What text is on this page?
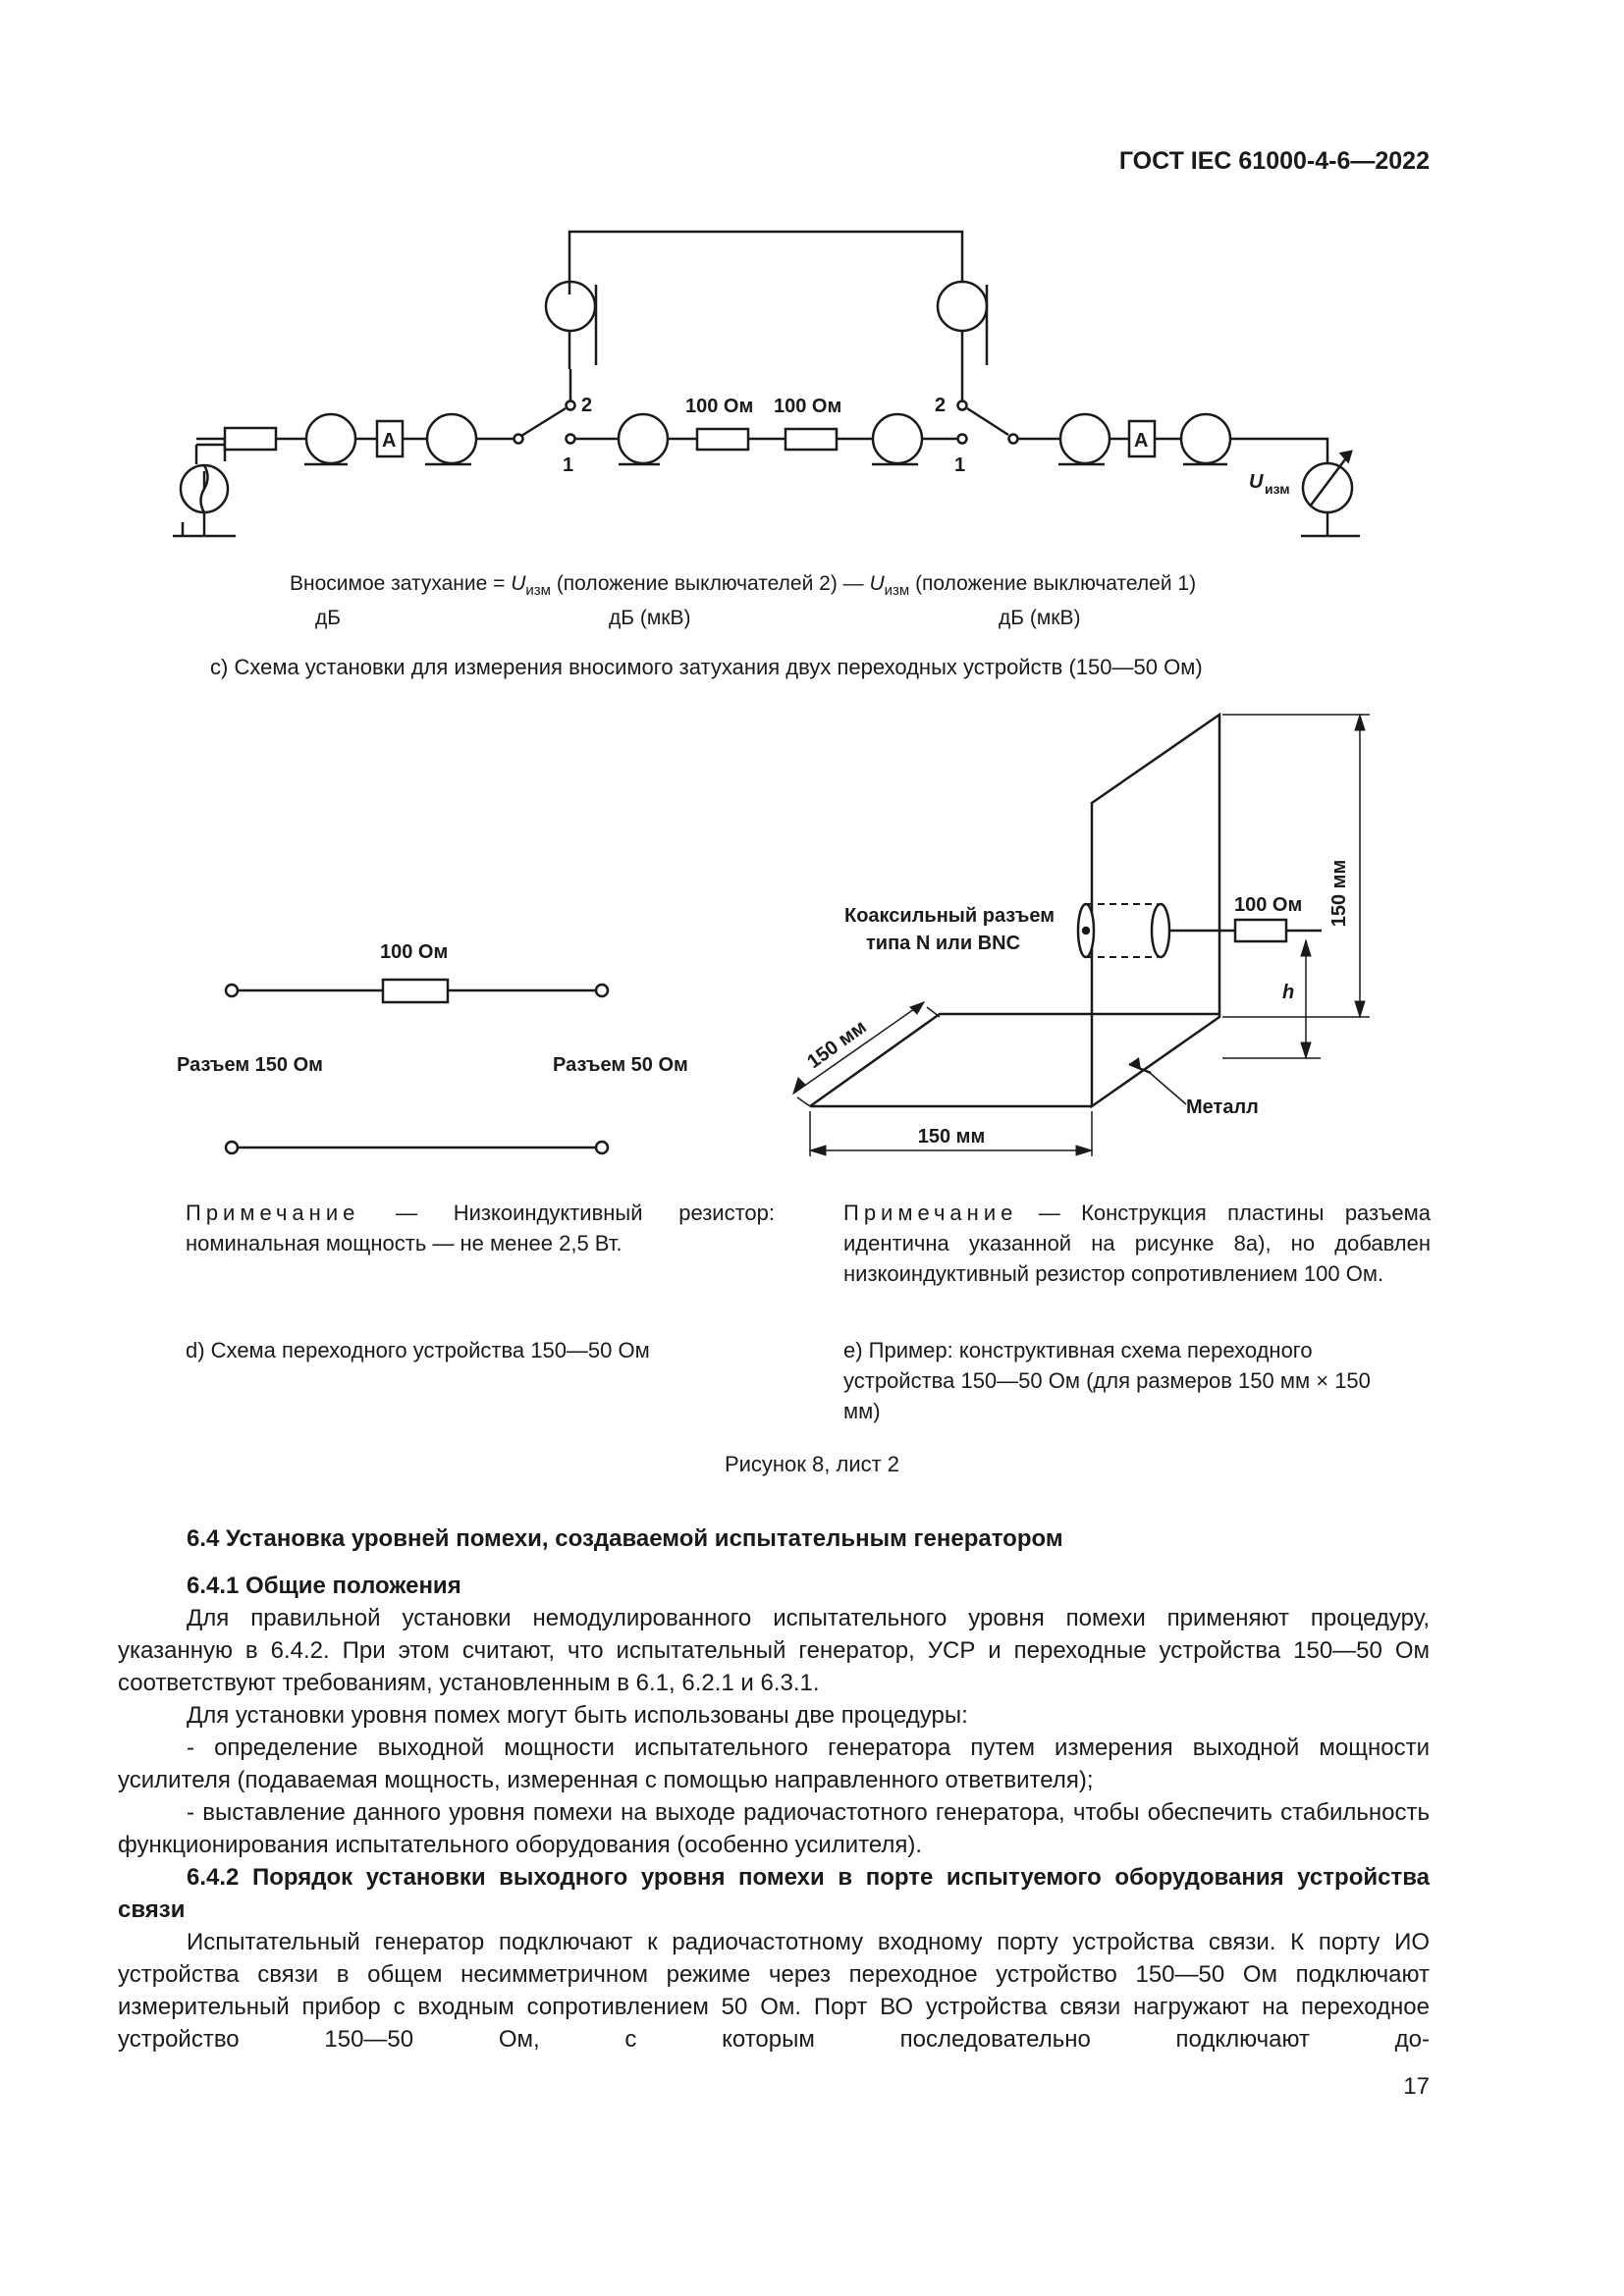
ГОСТ IEC 61000-4-6—2022
A	A
2
1
2
1
100 Ом 100 Ом
U изм
Вносимое затухание = $U_{изм}$ (положение выключателей 2) — $U_{изм}$ (положение выключателей 1)
дБ	дБ (мкВ)	дБ (мкВ)
с) Схема установки для измерения вносимого затухания двух переходных устройств (150—50 Ом)
100 Ом
Разъем 150 Ом	Разъем 50 Ом
Коаксильный разъем
типа N или BNC
100 Ом 150 мм
h
150 мм
150 мм
Металл
Примечание — Низкоиндуктивный резистор: номинальная мощность — не менее 2,5 Вт.
Примечание — Конструкция пластины разъема идентична указанной на рисунке 8a), но добавлен низкоиндуктивный резистор сопротивлением 100 Ом.
d) Схема переходного устройства 150—50 Ом	е) Пример: конструктивная схема переходного устройства 150—50 Ом (для размеров 150 мм × 150 мм)
Рисунок 8, лист 2

6.4 Установка уровней помехи, создаваемой испытательным генератором

6.4.1 Общие положения

Для правильной установки немодулированного испытательного уровня помехи применяют процедуру, указанную в 6.4.2. При этом считают, что испытательный генератор, УСР и переходные устройства 150—50 Ом соответствуют требованиям, установленным в 6.1, 6.2.1 и 6.3.1.

Для установки уровня помех могут быть использованы две процедуры:

- определение выходной мощности испытательного генератора путем измерения выходной мощности усилителя (подаваемая мощность, измеренная с помощью направленного ответвителя);

- выставление данного уровня помехи на выходе радиочастотного генератора, чтобы обеспечить стабильность функционирования испытательного оборудования (особенно усилителя).

6.4.2 Порядок установки выходного уровня помехи в порте испытуемого оборудования устройства связи

Испытательный генератор подключают к радиочастотному входному порту устройства связи. К порту ИО устройства связи в общем несимметричном режиме через переходное устройство 150—50 Ом подключают измерительный прибор с входным сопротивлением 50 Ом. Порт ВО устройства связи нагружают на переходное устройство 150—50 Ом, с которым последовательно подключают до-

17
